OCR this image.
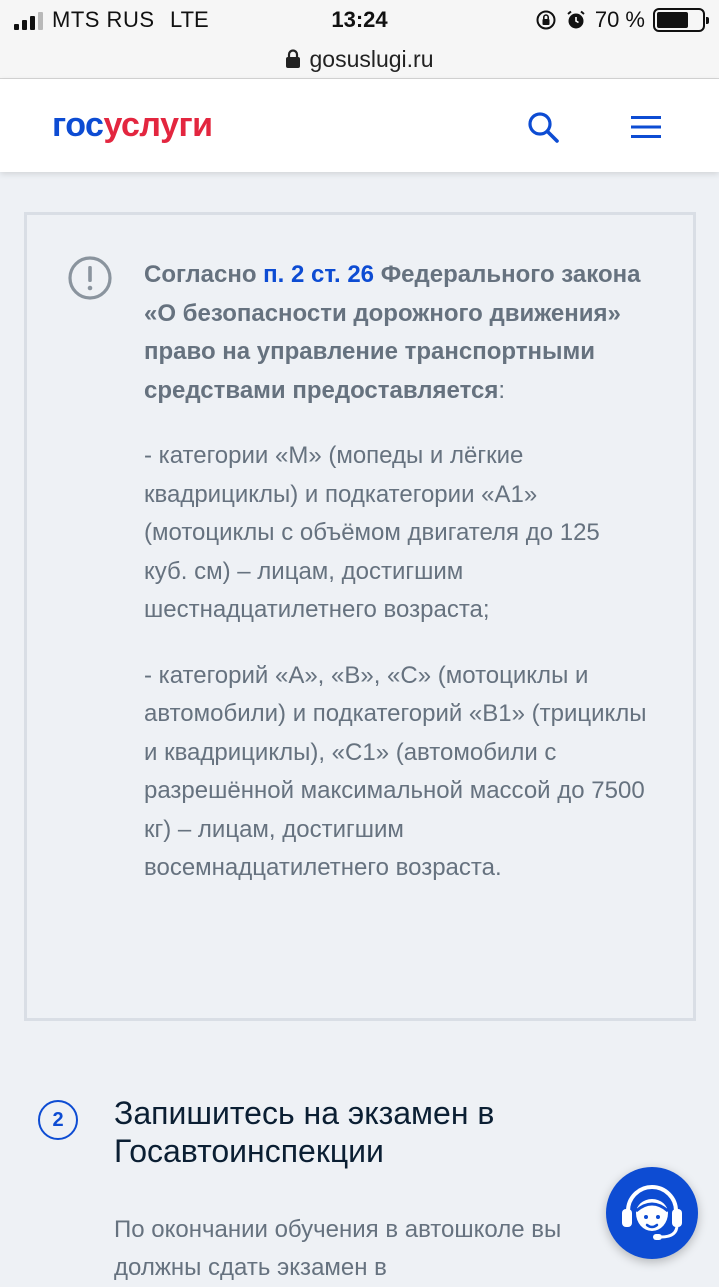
MTS RUS LTE	13:24	70 %
gosuslugi.ru
госуслуги

Согласно п. 2 ст. 26 Федерального закона «О безопасности дорожного движения» право на управление транспортными средствами предоставляется:

- категории «M» (мопеды и лёгкие квадрициклы) и подкатегории «A1» (мотоциклы с объёмом двигателя до 125 куб. см) – лицам, достигшим шестнадцатилетнего возраста;

- категорий «A», «B», «C» (мотоциклы и автомобили) и подкатегорий «B1» (трициклы и квадрициклы), «C1» (автомобили с разрешённой максимальной массой до 7500 кг) – лицам, достигшим восемнадцатилетнего возраста.

2	Запишитесь на экзамен в Госавтоинспекции
По окончании обучения в автошколе вы должны сдать экзамен в
